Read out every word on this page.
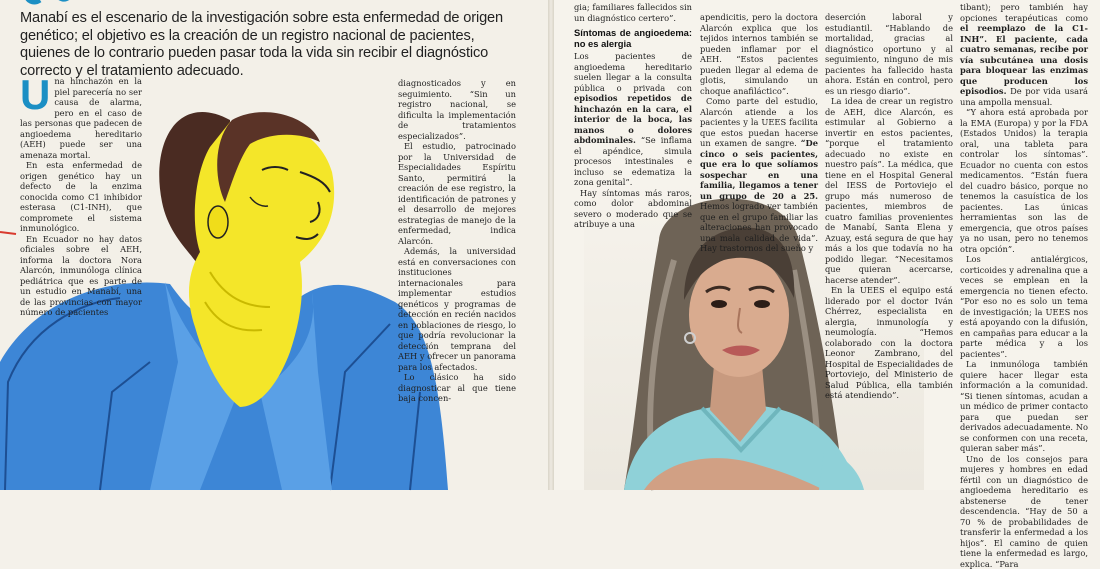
Manabí es el escenario de la investigación sobre esta enfermedad de origen genético; el objetivo es la creación de un registro nacional de pacientes, quienes de lo contrario pueden pasar toda la vida sin recibir el diagnóstico correcto y el tratamiento adecuado.

Una hinchazón en la piel parecería no ser causa de alarma, pero en el caso de las personas que padecen de angioedema hereditario (AEH) puede ser una amenaza mortal.

En esta enfermedad de origen genético hay un defecto de la enzima conocida como C1 inhibidor esterasa (C1-INH), que compromete el sistema inmunológico.

En Ecuador no hay datos oficiales sobre el AEH, informa la doctora Nora Alarcón, inmunóloga clínica pediátrica que es parte de un estudio en Manabí, una de las provincias con mayor número de pacientes

diagnosticados y en seguimiento. “Sin un registro nacional, se dificulta la implementación de tratamientos especializados”.

El estudio, patrocinado por la Universidad de Especialidades Espíritu Santo, permitirá la creación de ese registro, la identificación de patrones y el desarrollo de mejores estrategias de manejo de la enfermedad, indica Alarcón.

Además, la universidad está en conversaciones con instituciones internacionales para implementar estudios genéticos y programas de detección en recién nacidos en poblaciones de riesgo, lo que podría revolucionar la detección temprana del AEH y ofrecer un panorama para los afectados.

Lo clásico ha sido diagnosticar al que tiene baja concen-

gia; familiares fallecidos sin un diagnóstico certero”.

Síntomas de angioedema: no es alergia

Los pacientes de angioedema hereditario suelen llegar a la consulta pública o privada con episodios repetidos de hinchazón en la cara, el interior de la boca, las manos o dolores abdominales. “Se inflama el apéndice, simula procesos intestinales e incluso se edematiza la zona genital”.

Hay síntomas más raros, como dolor abdominal severo o moderado que se atribuye a una

apendicitis, pero la doctora Alarcón explica que los tejidos internos también se pueden inflamar por el AEH. “Estos pacientes pueden llegar al edema de glotis, simulando un choque anafiláctico”.

Como parte del estudio, Alarcón atiende a los pacientes y la UEES facilita que estos puedan hacerse un examen de sangre. “De cinco o seis pacientes, que era lo que solíamos sospechar en una familia, llegamos a tener un grupo de 20 a 25. Hemos logrado ver también que en el grupo familiar las alteraciones han provocado una mala calidad de vida”. Hay trastornos del sueño y

deserción laboral y estudiantil. “Hablando de mortalidad, gracias al diagnóstico oportuno y al seguimiento, ninguno de mis pacientes ha fallecido hasta ahora. Están en control, pero es un riesgo diario”.

La idea de crear un registro de AEH, dice Alarcón, es estimular al Gobierno a invertir en estos pacientes, “porque el tratamiento adecuado no existe en nuestro país”. La médica, que tiene en el Hospital General del IESS de Portoviejo el grupo más numeroso de pacientes, miembros de cuatro familias provenientes de Manabí, Santa Elena y Azuay, está segura de que hay más a los que todavía no ha podido llegar. “Necesitamos que quieran acercarse, hacerse atender”.

En la UEES el equipo está liderado por el doctor Iván Chérrez, especialista en alergia, inmunología y neumología. “Hemos colaborado con la doctora Leonor Zambrano, del Hospital de Especialidades de Portoviejo, del Ministerio de Salud Pública, ella también está atendiendo”.

tibant); pero también hay opciones terapéuticas como el reemplazo de la C1-INH”. El paciente, cada cuatro semanas, recibe por vía subcutánea una dosis para bloquear las enzimas que producen los episodios. De por vida usará una ampolla mensual.

“Y ahora está aprobada por la EMA (Europa) y por la FDA (Estados Unidos) la terapia oral, una tableta para controlar los síntomas”. Ecuador no cuenta con estos medicamentos. “Están fuera del cuadro básico, porque no tenemos la casuística de los pacientes. Las únicas herramientas son las de emergencia, que otros países ya no usan, pero no tenemos otra opción”.

Los antialérgicos, corticoides y adrenalina que a veces se emplean en la emergencia no tienen efecto. “Por eso no es solo un tema de investigación; la UEES nos está apoyando con la difusión, en campañas para educar a la parte médica y a los pacientes”.

La inmunóloga también quiere hacer llegar esta información a la comunidad. “Si tienen síntomas, acudan a un médico de primer contacto para que puedan ser derivados adecuadamente. No se conformen con una receta, quieran saber más”.

Uno de los consejos para mujeres y hombres en edad fértil con un diagnóstico de angioedema hereditario es abstenerse de tener descendencia. “Hay de 50 a 70 % de probabilidades de transferir la enfermedad a los hijos”. El camino de quien tiene la enfermedad es largo, explica. “Para
